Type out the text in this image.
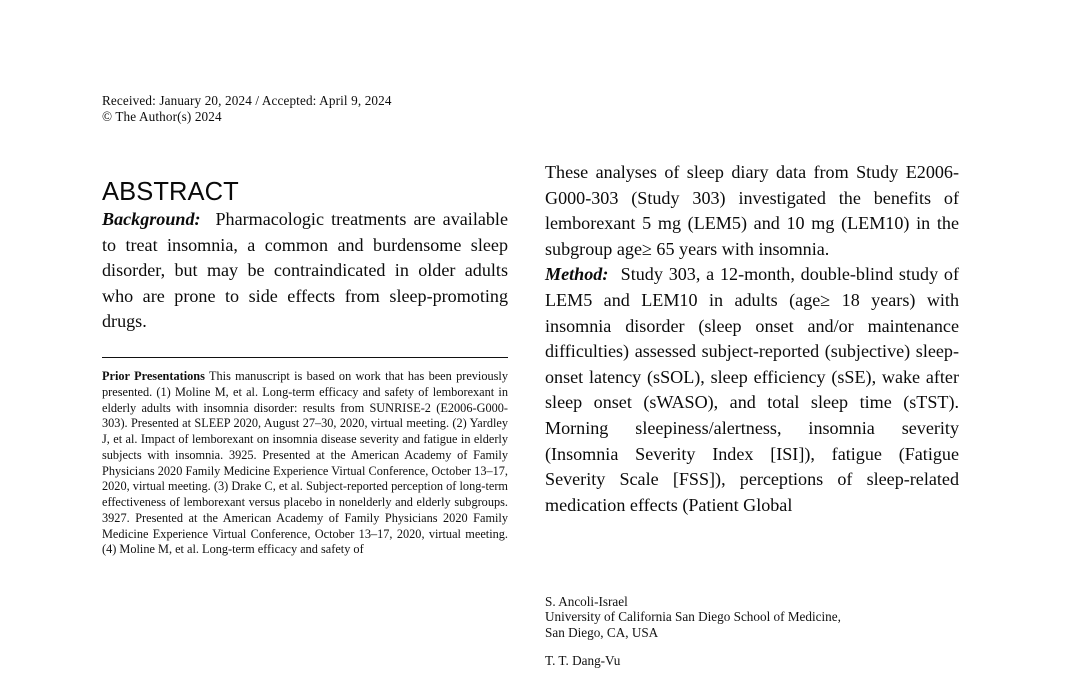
Received: January 20, 2024 / Accepted: April 9, 2024
© The Author(s) 2024
ABSTRACT

Background: Pharmacologic treatments are available to treat insomnia, a common and burdensome sleep disorder, but may be contraindicated in older adults who are prone to side effects from sleep-promoting drugs.

Prior Presentations This manuscript is based on work that has been previously presented. (1) Moline M, et al. Long-term efficacy and safety of lemborexant in elderly adults with insomnia disorder: results from SUNRISE-2 (E2006-G000-303). Presented at SLEEP 2020, August 27–30, 2020, virtual meeting. (2) Yardley J, et al. Impact of lemborexant on insomnia disease severity and fatigue in elderly subjects with insomnia. 3925. Presented at the American Academy of Family Physicians 2020 Family Medicine Experience Virtual Conference, October 13–17, 2020, virtual meeting. (3) Drake C, et al. Subject-reported perception of long-term effectiveness of lemborexant versus placebo in nonelderly and elderly subgroups. 3927. Presented at the American Academy of Family Physicians 2020 Family Medicine Experience Virtual Conference, October 13–17, 2020, virtual meeting. (4) Moline M, et al. Long-term efficacy and safety of

These analyses of sleep diary data from Study E2006-G000-303 (Study 303) investigated the benefits of lemborexant 5 mg (LEM5) and 10 mg (LEM10) in the subgroup age≥ 65 years with insomnia.

Method: Study 303, a 12-month, double-blind study of LEM5 and LEM10 in adults (age≥ 18 years) with insomnia disorder (sleep onset and/or maintenance difficulties) assessed subject-reported (subjective) sleep-onset latency (sSOL), sleep efficiency (sSE), wake after sleep onset (sWASO), and total sleep time (sTST). Morning sleepiness/alertness, insomnia severity (Insomnia Severity Index [ISI]), fatigue (Fatigue Severity Scale [FSS]), perceptions of sleep-related medication effects (Patient Global

S. Ancoli-Israel
University of California San Diego School of Medicine,
San Diego, CA, USA
T. T. Dang-Vu
